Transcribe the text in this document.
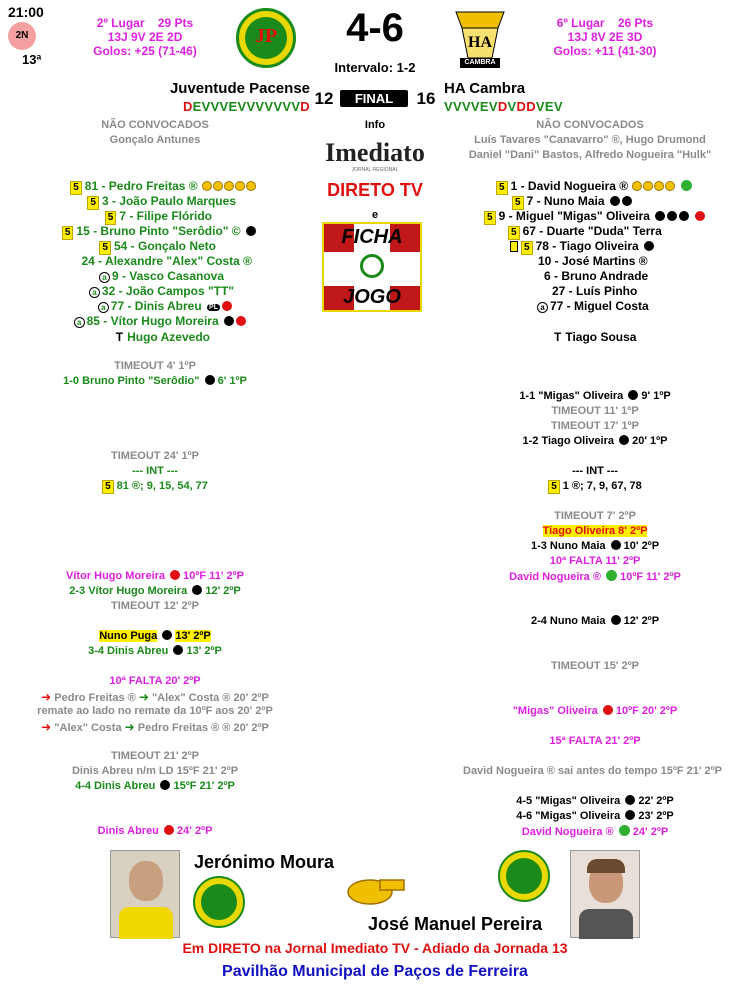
21:00
2N
13ª
2º Lugar 29 Pts
13J 9V 2E 2D
Golos: +25 (71-46)
JP	4-6
Intervalo: 1-2
HA
CAMBRA
6º Lugar 26 Pts
13J 8V 2E 3D
Golos: +11 (41-30)
Juventude Pacense
DEVVVEVVVVVVVD 12	FINAL	16
HA Cambra
VVVVEVDVDDVEV
Info
Imediato
JORNAL REGIONAL
DIRETO TV
e
FICHA
JOGO
NÃO CONVOCADOS
Gonçalo Antunes
5 81 - Pedro Freitas ®
5 3 - João Paulo Marques
5 7 - Filipe Flórido
5 15 - Bruno Pinto "Serôdio" ©
5 54 - Gonçalo Neto
24 - Alexandre "Alex" Costa ®
a 9 - Vasco Casanova
a 32 - João Campos "TT"
a 77 - Dinis Abreu PL
a 85 - Vítor Hugo Moreira
T Hugo Azevedo
NÃO CONVOCADOS
Luís Tavares "Canavarro" ®, Hugo Drumond
Daniel "Dani" Bastos, Alfredo Nogueira "Hulk"
5 1 - David Nogueira ®
5 7 - Nuno Maia
5 9 - Miguel "Migas" Oliveira
5 67 - Duarte "Duda" Terra
5 78 - Tiago Oliveira
10 - José Martins ®
6 - Bruno Andrade
27 - Luís Pinho
a 77 - Miguel Costa
T Tiago Sousa
TIMEOUT 4' 1ºP
1-0 Bruno Pinto "Serôdio" 6' 1ºP
TIMEOUT 24' 1ºP
--- INT ---
5 81 ®; 9, 15, 54, 77
Vítor Hugo Moreira 10ºF 11' 2ºP
2-3 Vítor Hugo Moreira 12' 2ºP
TIMEOUT 12' 2ºP
Nuno Puga 13' 2ºP
3-4 Dinis Abreu 13' 2ºP
10ª FALTA 20' 2ºP
➜ Pedro Freitas ® ➜ "Alex" Costa ® 20' 2ºP
remate ao lado no remate da 10ºF aos 20' 2ºP
➜ "Alex" Costa ➜ Pedro Freitas ® ® 20' 2ºP
TIMEOUT 21' 2ºP
Dinis Abreu n/m LD 15ºF 21' 2ºP
4-4 Dinis Abreu 15ºF 21' 2ºP
Dinis Abreu 24' 2ºP
1-1 "Migas" Oliveira 9' 1ºP
TIMEOUT 11' 1ºP
TIMEOUT 17' 1ºP
1-2 Tiago Oliveira 20' 1ºP
--- INT ---
5 1 ®; 7, 9, 67, 78
TIMEOUT 7' 2ºP
Tiago Oliveira 8' 2ºP
1-3 Nuno Maia 10' 2ºP
10ª FALTA 11' 2ºP
David Nogueira ® 10ºF 11' 2ºP
2-4 Nuno Maia 12' 2ºP
TIMEOUT 15' 2ºP
"Migas" Oliveira 10ºF 20' 2ºP
15ª FALTA 21' 2ºP
David Nogueira ® sai antes do tempo 15ºF 21' 2ºP
4-5 "Migas" Oliveira 22' 2ºP
4-6 "Migas" Oliveira 23' 2ºP
David Nogueira ® 24' 2ºP
Jerónimo Moura
José Manuel Pereira
Em DIRETO na Jornal Imediato TV - Adiado da Jornada 13
Pavilhão Municipal de Paços de Ferreira
